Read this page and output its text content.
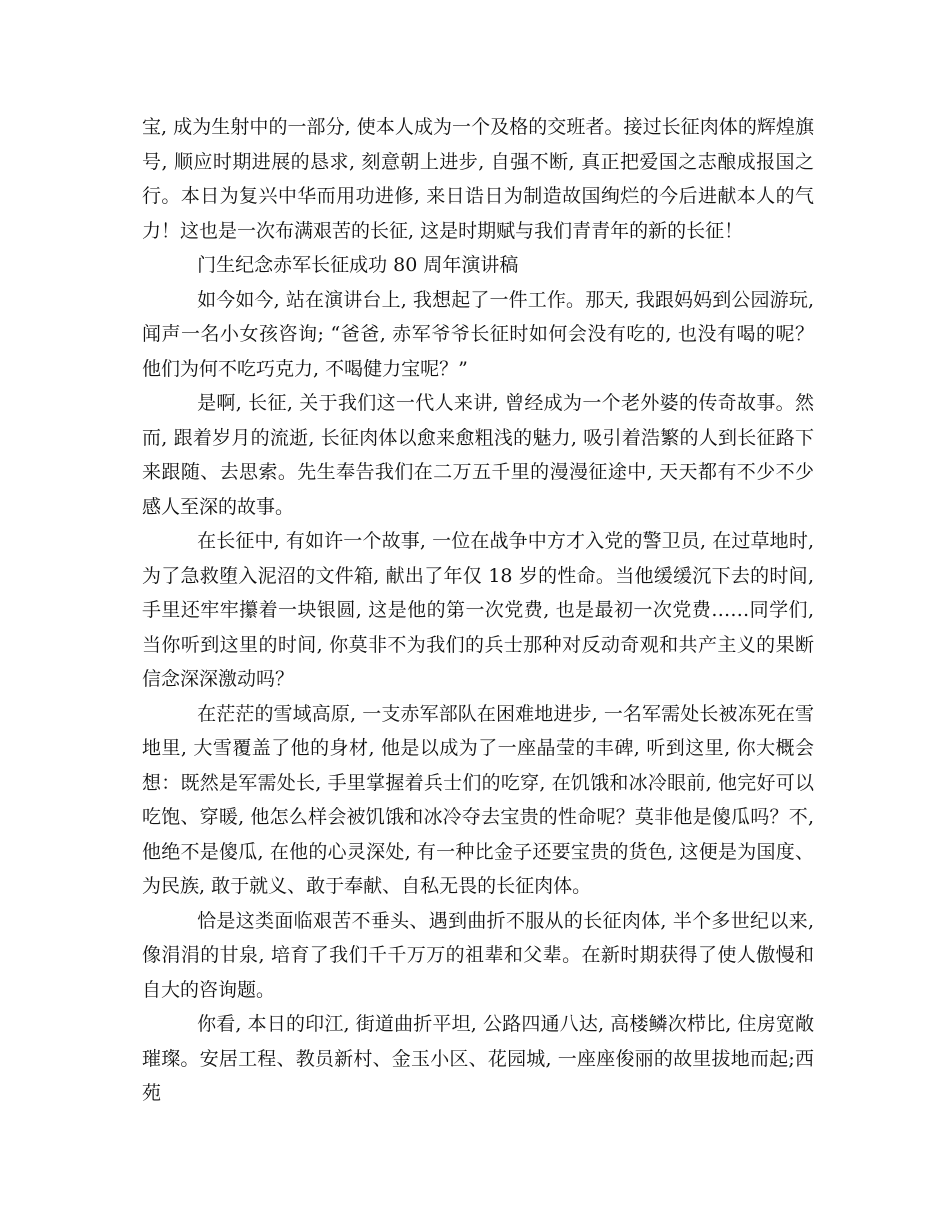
宝, 成为生射中的一部分, 使本人成为一个及格的交班者。接过长征肉体的辉煌旗号, 顺应时期进展的恳求, 刻意朝上进步, 自强不断, 真正把爱国之志酿成报国之行。本日为复兴中华而用功进修, 来日诰日为制造故国绚烂的今后进献本人的气力！这也是一次布满艰苦的长征, 这是时期赋与我们青青年的新的长征！

门生纪念赤军长征成功 80 周年演讲稿

如今如今, 站在演讲台上, 我想起了一件工作。那天, 我跟妈妈到公园游玩, 闻声一名小女孩咨询; “爸爸, 赤军爷爷长征时如何会没有吃的, 也没有喝的呢？他们为何不吃巧克力, 不喝健力宝呢？”

是啊, 长征, 关于我们这一代人来讲, 曾经成为一个老外婆的传奇故事。然而, 跟着岁月的流逝, 长征肉体以愈来愈粗浅的魅力, 吸引着浩繁的人到长征路下来跟随、去思索。先生奉告我们在二万五千里的漫漫征途中, 天天都有不少不少感人至深的故事。

在长征中, 有如许一个故事, 一位在战争中方才入党的警卫员, 在过草地时, 为了急救堕入泥沼的文件箱, 献出了年仅 18 岁的性命。当他缓缓沉下去的时间, 手里还牢牢攥着一块银圆, 这是他的第一次党费, 也是最初一次党费……同学们, 当你听到这里的时间, 你莫非不为我们的兵士那种对反动奇观和共产主义的果断信念深深激动吗？

在茫茫的雪域高原, 一支赤军部队在困难地进步, 一名军需处长被冻死在雪地里, 大雪覆盖了他的身材, 他是以成为了一座晶莹的丰碑, 听到这里, 你大概会想：既然是军需处长, 手里掌握着兵士们的吃穿, 在饥饿和冰冷眼前, 他完好可以吃饱、穿暖, 他怎么样会被饥饿和冰冷夺去宝贵的性命呢？莫非他是傻瓜吗？不, 他绝不是傻瓜, 在他的心灵深处, 有一种比金子还要宝贵的货色, 这便是为国度、为民族, 敢于就义、敢于奉献、自私无畏的长征肉体。

恰是这类面临艰苦不垂头、遇到曲折不服从的长征肉体, 半个多世纪以来, 像涓涓的甘泉, 培育了我们千千万万的祖辈和父辈。在新时期获得了使人傲慢和自大的咨询题。

你看, 本日的印江, 街道曲折平坦, 公路四通八达, 高楼鳞次栉比, 住房宽敞璀璨。安居工程、教员新村、金玉小区、花园城, 一座座俊丽的故里拔地而起;西苑
